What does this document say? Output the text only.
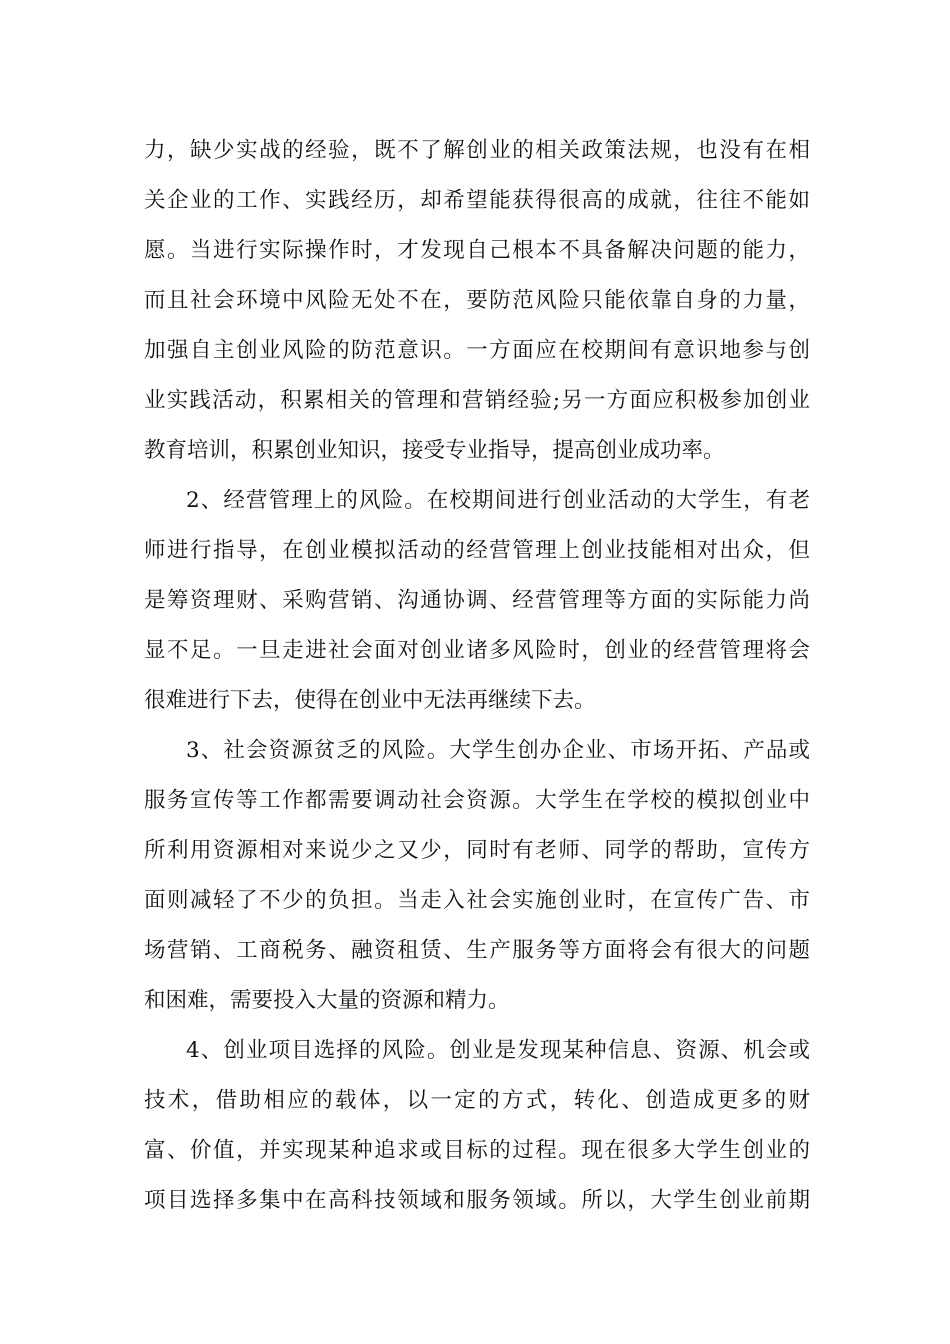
力，缺少实战的经验，既不了解创业的相关政策法规，也没有在相
关企业的工作、实践经历，却希望能获得很高的成就，往往不能如
愿。当进行实际操作时，才发现自己根本不具备解决问题的能力，
而且社会环境中风险无处不在，要防范风险只能依靠自身的力量，
加强自主创业风险的防范意识。一方面应在校期间有意识地参与创
业实践活动，积累相关的管理和营销经验;另一方面应积极参加创业
教育培训，积累创业知识，接受专业指导，提高创业成功率。
2、经营管理上的风险。在校期间进行创业活动的大学生，有老
师进行指导，在创业模拟活动的经营管理上创业技能相对出众，但
是筹资理财、采购营销、沟通协调、经营管理等方面的实际能力尚
显不足。一旦走进社会面对创业诸多风险时，创业的经营管理将会
很难进行下去，使得在创业中无法再继续下去。
3、社会资源贫乏的风险。大学生创办企业、市场开拓、产品或
服务宣传等工作都需要调动社会资源。大学生在学校的模拟创业中
所利用资源相对来说少之又少，同时有老师、同学的帮助，宣传方
面则减轻了不少的负担。当走入社会实施创业时，在宣传广告、市
场营销、工商税务、融资租赁、生产服务等方面将会有很大的问题
和困难，需要投入大量的资源和精力。
4、创业项目选择的风险。创业是发现某种信息、资源、机会或
技术，借助相应的载体，以一定的方式，转化、创造成更多的财
富、价值，并实现某种追求或目标的过程。现在很多大学生创业的
项目选择多集中在高科技领域和服务领域。所以，大学生创业前期
